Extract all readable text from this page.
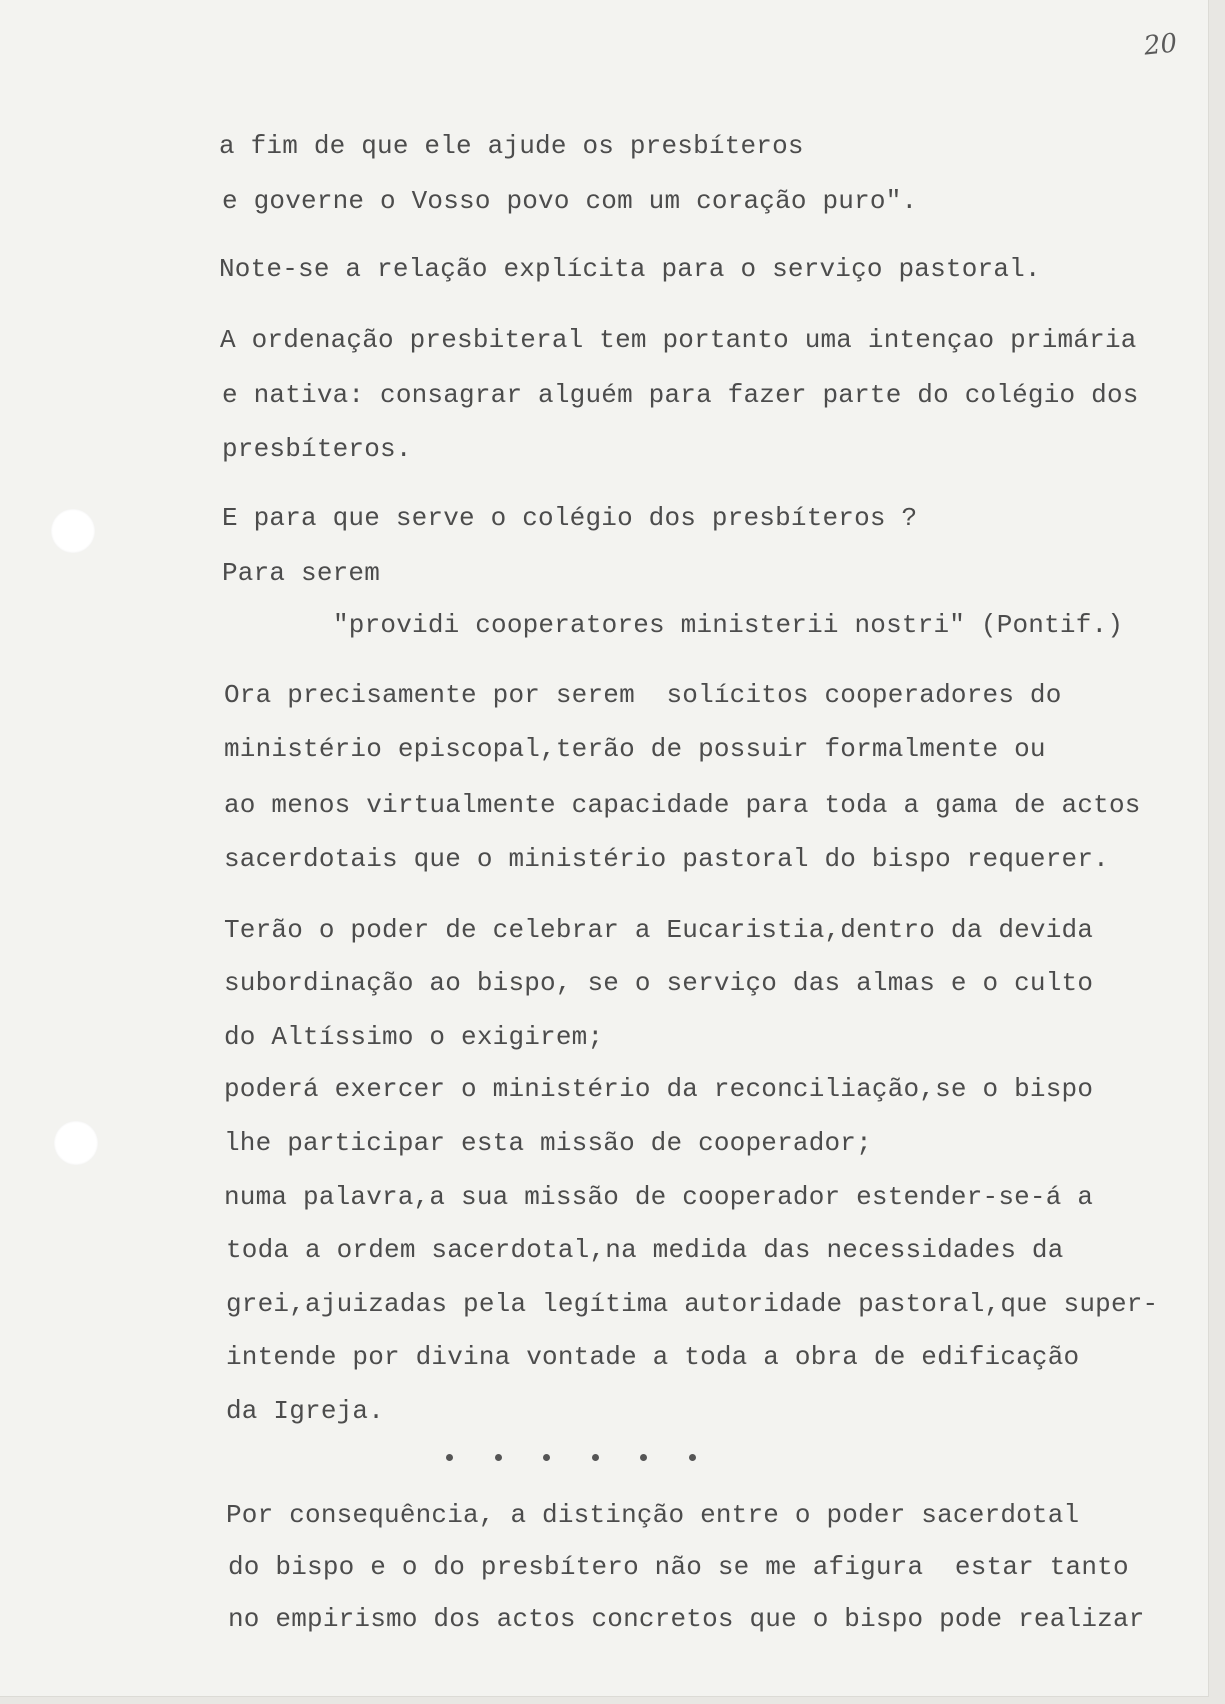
20

a fim de que ele ajude os presbíteros

e governe o Vosso povo com um coração puro".

Note-se a relação explícita para o serviço pastoral.

A ordenação presbiteral tem portanto uma intençao primária

e nativa: consagrar alguém para fazer parte do colégio dos

presbíteros.

E para que serve o colégio dos presbíteros ?

Para serem

"providi cooperatores ministerii nostri" (Pontif.)

Ora precisamente por serem  solícitos cooperadores do

ministério episcopal,terão de possuir formalmente ou

ao menos virtualmente capacidade para toda a gama de actos

sacerdotais que o ministério pastoral do bispo requerer.

Terão o poder de celebrar a Eucaristia,dentro da devida

subordinação ao bispo, se o serviço das almas e o culto

do Altíssimo o exigirem;

poderá exercer o ministério da reconciliação,se o bispo

lhe participar esta missão de cooperador;

numa palavra,a sua missão de cooperador estender-se-á a

toda a ordem sacerdotal,na medida das necessidades da

grei,ajuizadas pela legítima autoridade pastoral,que super-

intende por divina vontade a toda a obra de edificação

da Igreja.

Por consequência, a distinção entre o poder sacerdotal

do bispo e o do presbítero não se me afigura  estar tanto

no empirismo dos actos concretos que o bispo pode realizar
